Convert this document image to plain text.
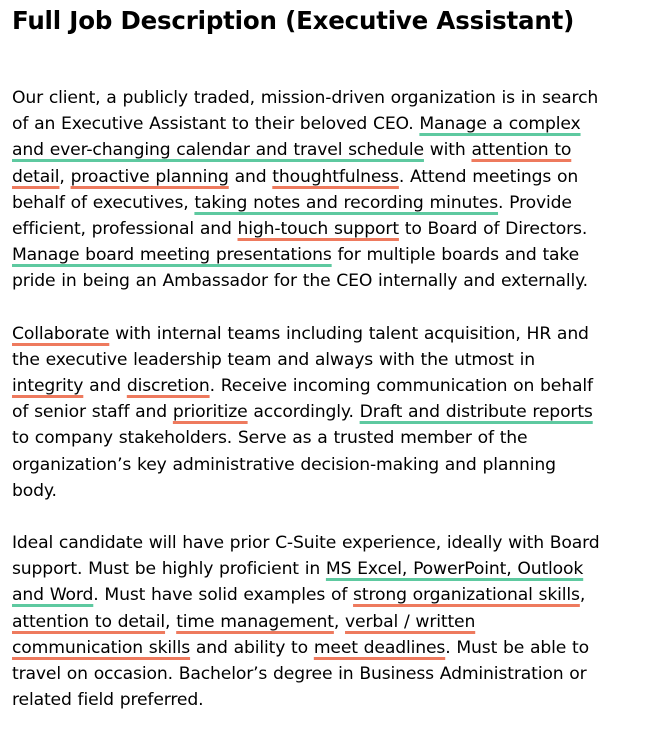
Full Job Description (Executive Assistant)
Our client, a publicly traded, mission-driven organization is in search
of an Executive Assistant to their beloved CEO. Manage a complex
and ever-changing calendar and travel schedule with attention to
detail, proactive planning and thoughtfulness. Attend meetings on
behalf of executives, taking notes and recording minutes. Provide
efficient, professional and high-touch support to Board of Directors.
Manage board meeting presentations for multiple boards and take
pride in being an Ambassador for the CEO internally and externally.
Collaborate with internal teams including talent acquisition, HR and
the executive leadership team and always with the utmost in
integrity and discretion. Receive incoming communication on behalf
of senior staff and prioritize accordingly. Draft and distribute reports
to company stakeholders. Serve as a trusted member of the
organization’s key administrative decision-making and planning
body.
Ideal candidate will have prior C-Suite experience, ideally with Board
support. Must be highly proficient in MS Excel, PowerPoint, Outlook
and Word. Must have solid examples of strong organizational skills,
attention to detail, time management, verbal / written
communication skills and ability to meet deadlines. Must be able to
travel on occasion. Bachelor’s degree in Business Administration or
related field preferred.
